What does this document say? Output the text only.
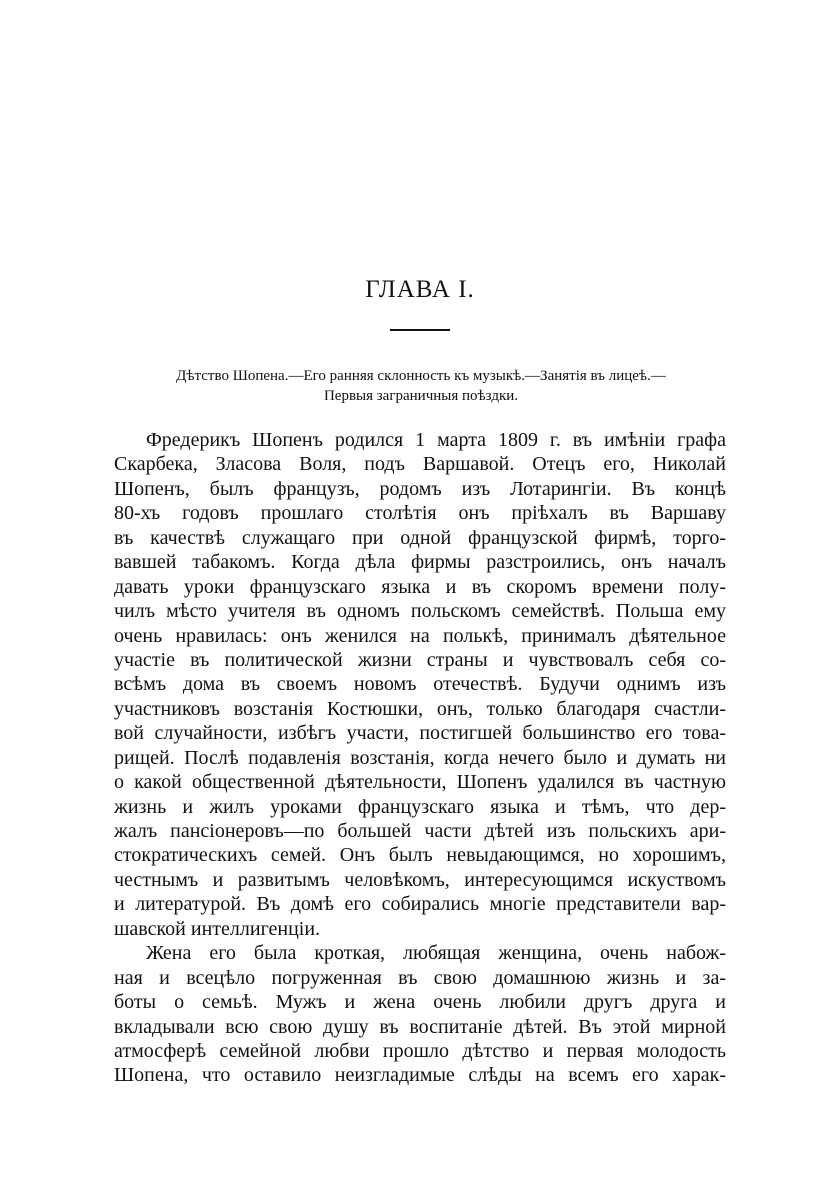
ГЛАВА I.

Дѣтство Шопена.—Его ранняя склонность къ музыкѣ.—Занятія въ лицеѣ.—
Первыя заграничныя поѣздки.

Фредерикъ Шопенъ родился 1 марта 1809 г. въ имѣніи графа
Скарбека, Зласова Воля, подъ Варшавой. Отецъ его, Николай
Шопенъ, былъ французъ, родомъ изъ Лотарингіи. Въ концѣ
80-хъ годовъ прошлаго столѣтія онъ пріѣхалъ въ Варшаву
въ качествѣ служащаго при одной французской фирмѣ, торго-
вавшей табакомъ. Когда дѣла фирмы разстроились, онъ началъ
давать уроки французскаго языка и въ скоромъ времени полу-
чилъ мѣсто учителя въ одномъ польскомъ семействѣ. Польша ему
очень нравилась: онъ женился на полькѣ, принималъ дѣятельное
участіе въ политической жизни страны и чувствовалъ себя со-
всѣмъ дома въ своемъ новомъ отечествѣ. Будучи однимъ изъ
участниковъ возстанія Костюшки, онъ, только благодаря счастли-
вой случайности, избѣгъ участи, постигшей большинство его това-
рищей. Послѣ подавленія возстанія, когда нечего было и думать ни
о какой общественной дѣятельности, Шопенъ удалился въ частную
жизнь и жилъ уроками французскаго языка и тѣмъ, что дер-
жалъ пансіонеровъ—по большей части дѣтей изъ польскихъ ари-
стократическихъ семей. Онъ былъ невыдающимся, но хорошимъ,
честнымъ и развитымъ человѣкомъ, интересующимся искуствомъ
и литературой. Въ домѣ его собирались многіе представители вар-
шавской интеллигенціи.
Жена его была кроткая, любящая женщина, очень набож-
ная и всецѣло погруженная въ свою домашнюю жизнь и за-
боты о семьѣ. Мужъ и жена очень любили другъ друга и
вкладывали всю свою душу въ воспитаніе дѣтей. Въ этой мирной
атмосферѣ семейной любви прошло дѣтство и первая молодость
Шопена, что оставило неизгладимые слѣды на всемъ его харак-
